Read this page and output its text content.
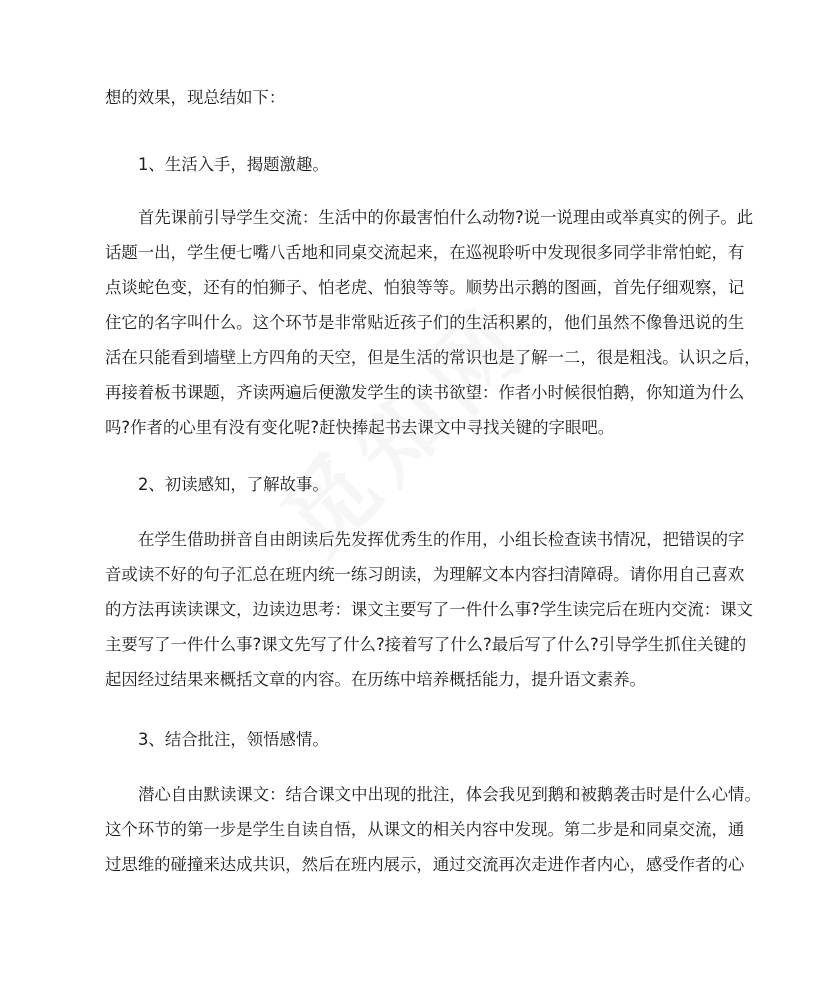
想的效果，现总结如下：
1、生活入手，揭题激趣。
首先课前引导学生交流：生活中的你最害怕什么动物?说一说理由或举真实的例子。此
话题一出，学生便七嘴八舌地和同桌交流起来，在巡视聆听中发现很多同学非常怕蛇，有
点谈蛇色变，还有的怕狮子、怕老虎、怕狼等等。顺势出示鹅的图画，首先仔细观察，记
住它的名字叫什么。这个环节是非常贴近孩子们的生活积累的，他们虽然不像鲁迅说的生
活在只能看到墙壁上方四角的天空，但是生活的常识也是了解一二，很是粗浅。认识之后，
再接着板书课题，齐读两遍后便激发学生的读书欲望：作者小时候很怕鹅，你知道为什么
吗?作者的心里有没有变化呢?赶快捧起书去课文中寻找关键的字眼吧。
2、初读感知，了解故事。
在学生借助拼音自由朗读后先发挥优秀生的作用，小组长检查读书情况，把错误的字
音或读不好的句子汇总在班内统一练习朗读，为理解文本内容扫清障碍。请你用自己喜欢
的方法再读读课文，边读边思考：课文主要写了一件什么事?学生读完后在班内交流：课文
主要写了一件什么事?课文先写了什么?接着写了什么?最后写了什么?引导学生抓住关键的
起因经过结果来概括文章的内容。在历练中培养概括能力，提升语文素养。
3、结合批注，领悟感情。
潜心自由默读课文：结合课文中出现的批注，体会我见到鹅和被鹅袭击时是什么心情。
这个环节的第一步是学生自读自悟，从课文的相关内容中发现。第二步是和同桌交流，通
过思维的碰撞来达成共识，然后在班内展示，通过交流再次走进作者内心，感受作者的心
